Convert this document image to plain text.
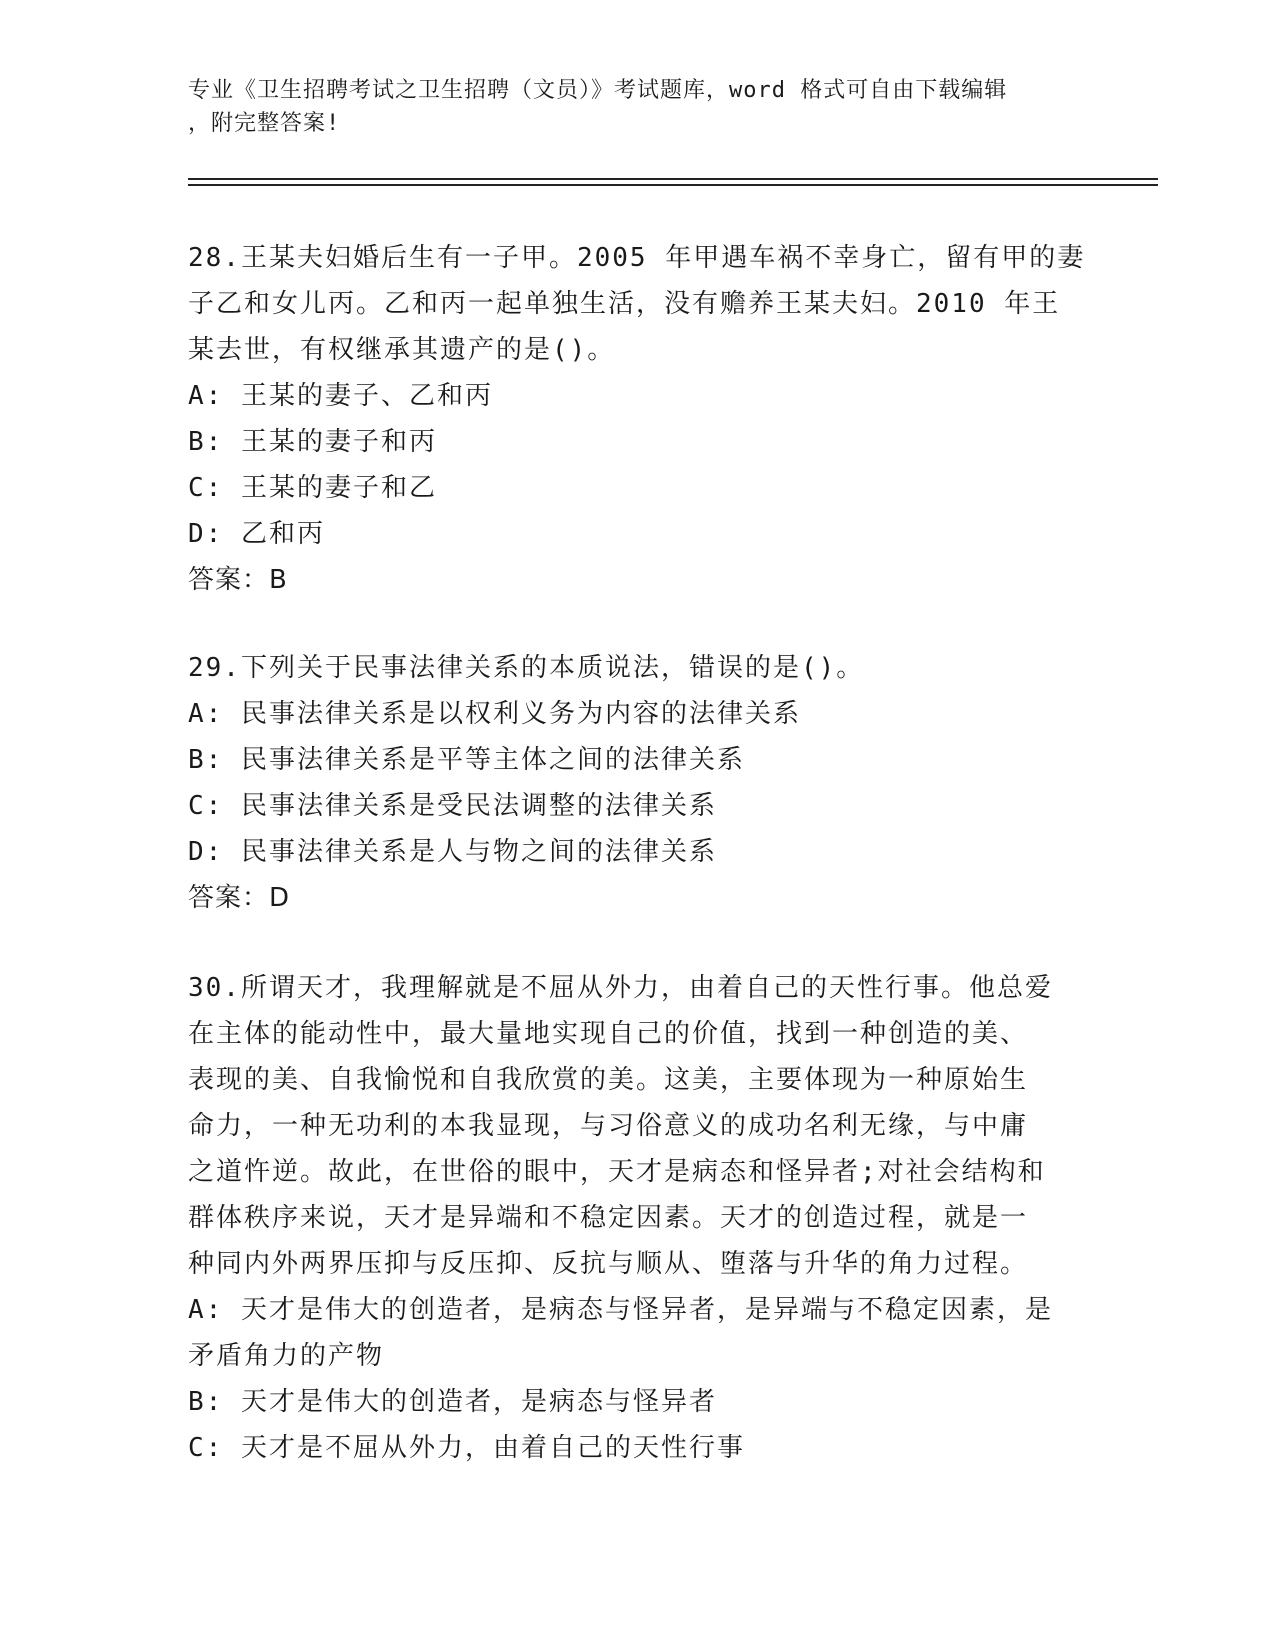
专业《卫生招聘考试之卫生招聘（文员）》考试题库，word 格式可自由下载编辑
，附完整答案!
28.王某夫妇婚后生有一子甲。2005 年甲遇车祸不幸身亡，留有甲的妻
子乙和女儿丙。乙和丙一起单独生活，没有赡养王某夫妇。2010 年王
某去世，有权继承其遗产的是()。
A: 王某的妻子、乙和丙
B: 王某的妻子和丙
C: 王某的妻子和乙
D: 乙和丙
答案：B
29.下列关于民事法律关系的本质说法，错误的是()。
A: 民事法律关系是以权利义务为内容的法律关系
B: 民事法律关系是平等主体之间的法律关系
C: 民事法律关系是受民法调整的法律关系
D: 民事法律关系是人与物之间的法律关系
答案：D
30.所谓天才，我理解就是不屈从外力，由着自己的天性行事。他总爱
在主体的能动性中，最大量地实现自己的价值，找到一种创造的美、
表现的美、自我愉悦和自我欣赏的美。这美，主要体现为一种原始生
命力，一种无功利的本我显现，与习俗意义的成功名利无缘，与中庸
之道忤逆。故此，在世俗的眼中，天才是病态和怪异者;对社会结构和
群体秩序来说，天才是异端和不稳定因素。天才的创造过程，就是一
种同内外两界压抑与反压抑、反抗与顺从、堕落与升华的角力过程。
A: 天才是伟大的创造者，是病态与怪异者，是异端与不稳定因素，是
矛盾角力的产物
B: 天才是伟大的创造者，是病态与怪异者
C: 天才是不屈从外力，由着自己的天性行事
